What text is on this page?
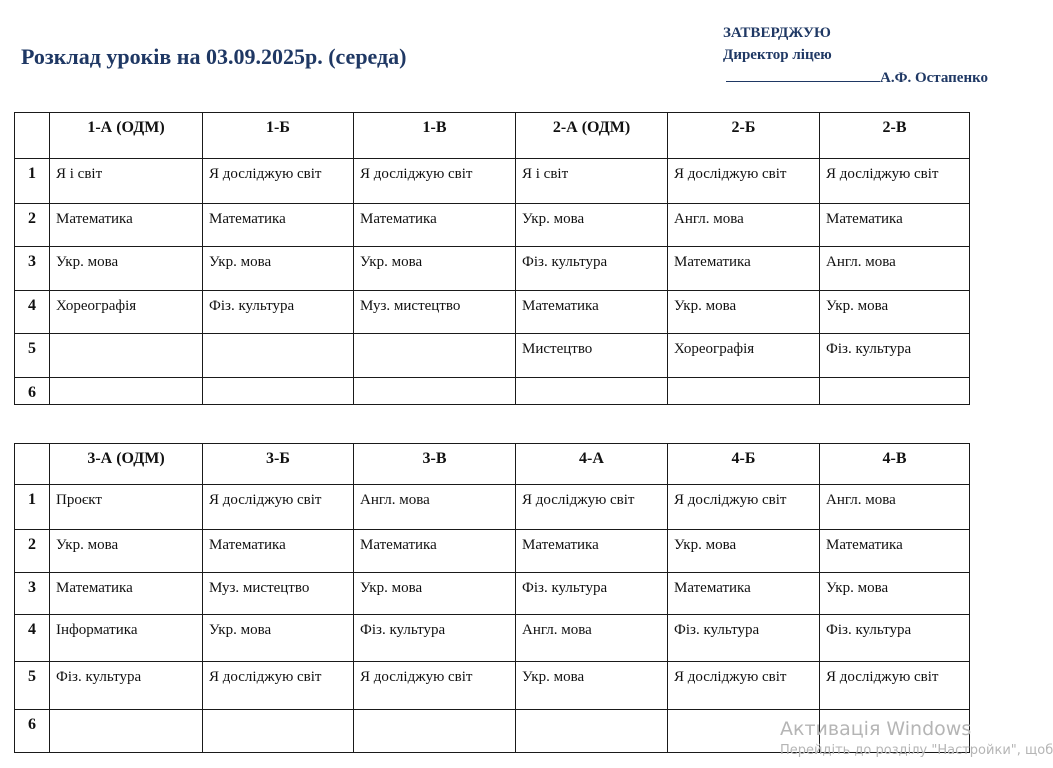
Розклад уроків на 03.09.2025р. (середа)
ЗАТВЕРДЖУЮ
Директор ліцею
А.Ф. Остапенко
	1-А (ОДМ)	1-Б	1-В	2-А (ОДМ)	2-Б	2-В
1	Я і світ	Я досліджую світ	Я досліджую світ	Я і світ	Я досліджую світ	Я досліджую світ
2	Математика	Математика	Математика	Укр. мова	Англ. мова	Математика
3	Укр. мова	Укр. мова	Укр. мова	Фіз. культура	Математика	Англ. мова
4	Хореографія	Фіз. культура	Муз. мистецтво	Математика	Укр. мова	Укр. мова
5				Мистецтво	Хореографія	Фіз. культура
6						
	3-А (ОДМ)	3-Б	3-В	4-А	4-Б	4-В
1	Проєкт	Я досліджую світ	Англ. мова	Я досліджую світ	Я досліджую світ	Англ. мова
2	Укр. мова	Математика	Математика	Математика	Укр. мова	Математика
3	Математика	Муз. мистецтво	Укр. мова	Фіз. культура	Математика	Укр. мова
4	Інформатика	Укр. мова	Фіз. культура	Англ. мова	Фіз. культура	Фіз. культура
5	Фіз. культура	Я досліджую світ	Я досліджую світ	Укр. мова	Я досліджую світ	Я досліджую світ
6							Активація Windows
Перейдіть до розділу "Настройки", щоб
